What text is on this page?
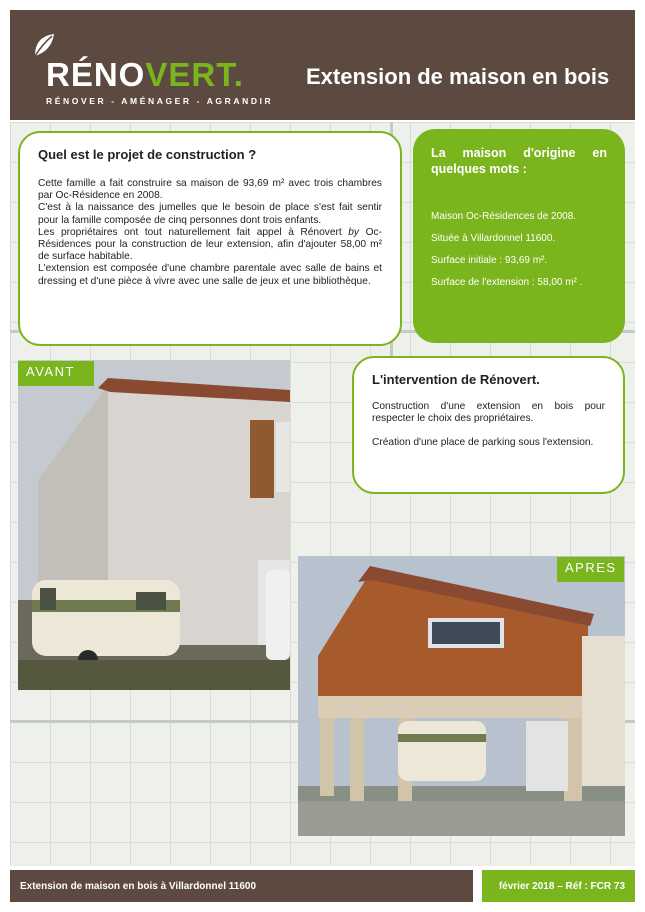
RÉNOVERT.
RÉNOVER - AMÉNAGER - AGRANDIR
Extension de maison en bois
Quel est le projet de construction ?

Cette famille a fait construire sa maison de 93,69 m² avec trois chambres par Oc-Résidence en 2008.

C'est à la naissance des jumelles que le besoin de place s'est fait sentir pour la famille composée de cinq personnes dont trois enfants.

Les propriétaires ont tout naturellement fait appel à Rénovert by Oc-Résidences pour la construction de leur extension, afin d'ajouter 58,00 m² de surface habitable.

L'extension est composée d'une chambre parentale avec salle de bains et dressing et d'une pièce à vivre avec une salle de jeux et une bibliothèque.

La maison d'origine en quelques mots :
Maison Oc-Résidences de 2008.
Située à Villardonnel 11600.
Surface initiale : 93,69 m².
Surface de l'extension : 58,00 m² .
AVANT
L'intervention de Rénovert.

Construction d'une extension en bois pour respecter le choix des propriétaires.

Création d'une place de parking sous l'extension.

APRES
Extension de maison en bois à Villardonnel 11600	février 2018 – Réf : FCR 73
